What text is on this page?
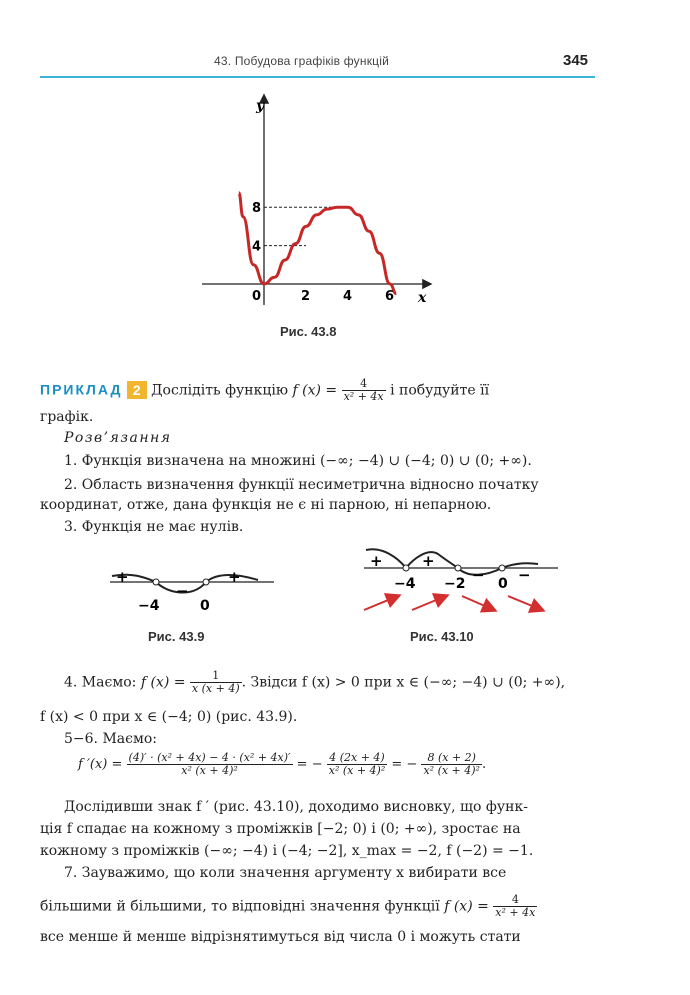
43. Побудова графіків функцій	345
y
x
0	2	4	6
4
8
Рис. 43.8
ПРИКЛАД 2 Дослідіть функцію f $(x) = \frac{4}{\text{x² + 4x}}$ і побудуйте її
графік.
Розв’язання
1. Функція визначена на множині (−∞; −4) ∪ (−4; 0) ∪ (0; +∞).
2. Область визначення функції несиметрична відносно початку
координат, отже, дана функція не є ні парною, ні непарною.
3. Функція не має нулів.
+
−
+
−4	0
Рис. 43.9
+	+
− −
−4 −2 0
Рис. 43.10
4. Маємо: f $(x) = \frac{1}{x (x + 4)}$ . Звідси f (x) > 0 при x ∈ (−∞; −4) ∪ (0; +∞),
f (x) < 0 при x ∈ (−4; 0) (рис. 43.9).
5−6. Маємо:
f $'(x) = \frac{\text{(4)′ · (x² + 4x) − 4 · (x² + 4x)′}}{\text{x² (x + 4)²}}$ = − $\frac{4 (2x + 4)}{\text{x² (x + 4)²}}$ = − $\frac{8 (x + 2)}{\text{x² (x + 4)²}}$ .
Дослідивши знак f ′ (рис. 43.10), доходимо висновку, що функ-
ція f спадає на кожному з проміжків [−2; 0) і (0; +∞), зростає на
кожному з проміжків (−∞; −4) і (−4; −2], x_max = −2, f (−2) = −1.
7. Зауважимо, що коли значення аргументу x вибирати все
більшими й більшими, то відповідні значення функції f $(x) = \frac{4}{\text{x² + 4x}}$
все менше й менше відрізнятимуться від числа 0 і можуть стати
